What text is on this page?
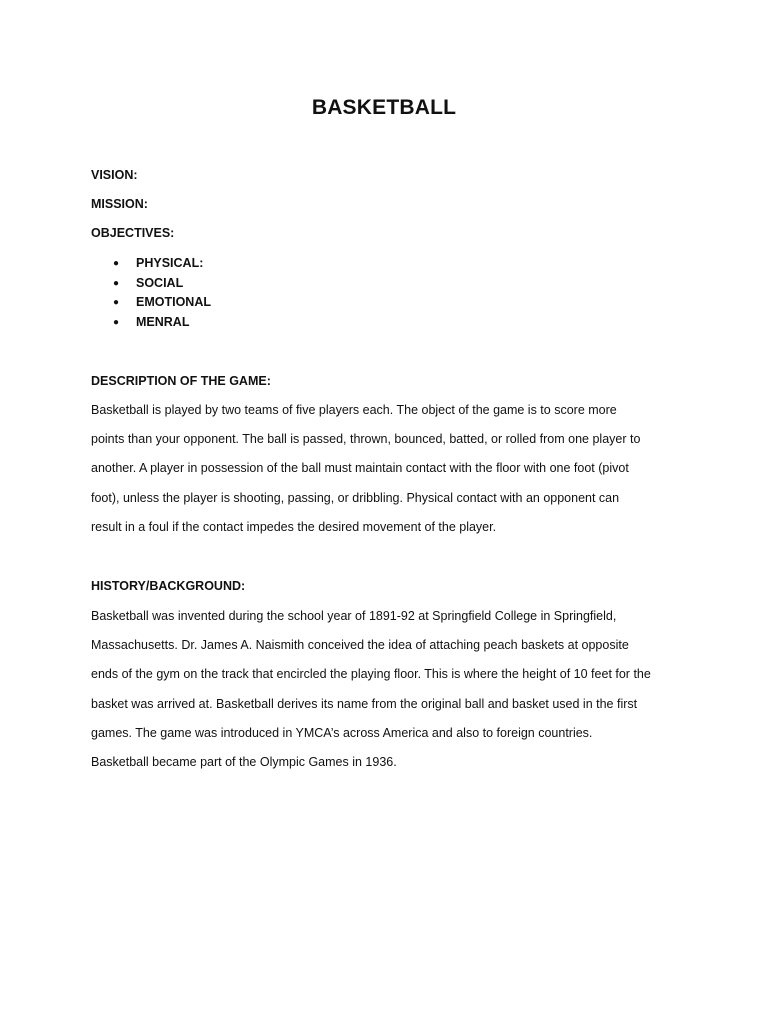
BASKETBALL
VISION:
MISSION:
OBJECTIVES:
● PHYSICAL:
● SOCIAL
● EMOTIONAL
● MENRAL
DESCRIPTION OF THE GAME:

Basketball is played by two teams of five players each. The object of the game is to score more points than your opponent. The ball is passed, thrown, bounced, batted, or rolled from one player to another. A player in possession of the ball must maintain contact with the floor with one foot (pivot foot), unless the player is shooting, passing, or dribbling. Physical contact with an opponent can result in a foul if the contact impedes the desired movement of the player.

HISTORY/BACKGROUND:

Basketball was invented during the school year of 1891-92 at Springfield College in Springfield, Massachusetts. Dr. James A. Naismith conceived the idea of attaching peach baskets at opposite ends of the gym on the track that encircled the playing floor. This is where the height of 10 feet for the basket was arrived at. Basketball derives its name from the original ball and basket used in the first games. The game was introduced in YMCA’s across America and also to foreign countries. Basketball became part of the Olympic Games in 1936.
